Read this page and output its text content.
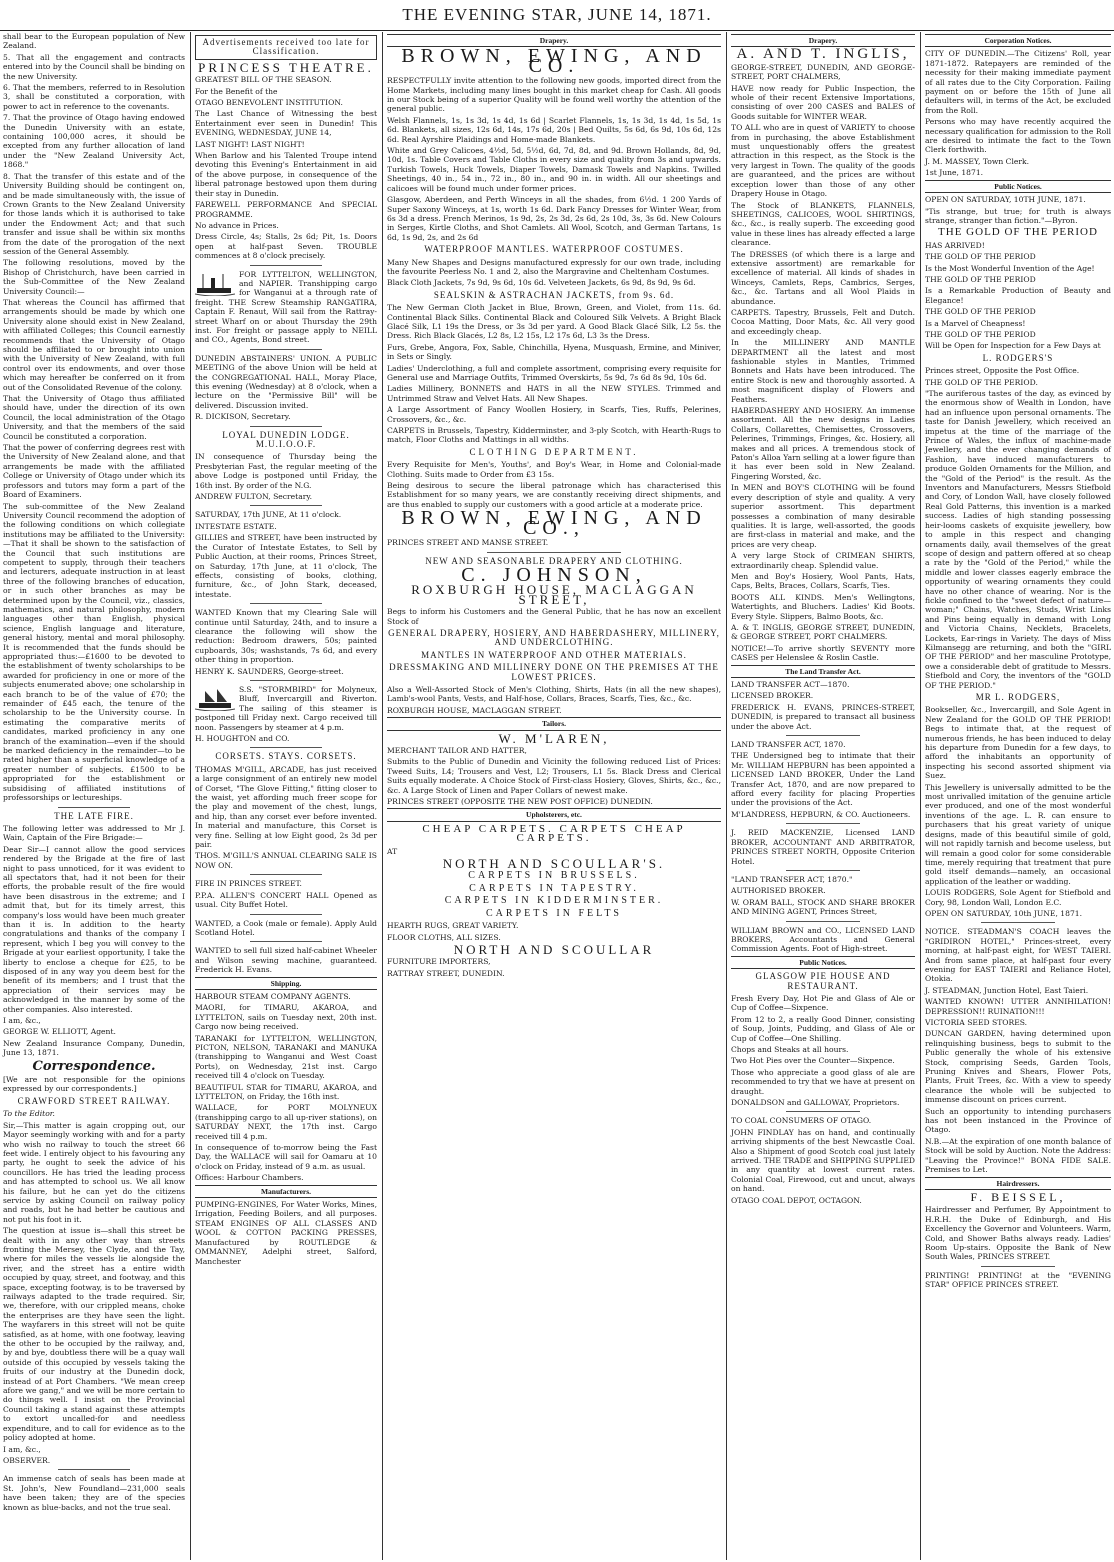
THE EVENING STAR, JUNE 14, 1871.

shall bear to the European population of New Zealand.

5. That all the engagement and contracts entered into by the Council shall be binding on the new University.

6. That the members, referred to in Resolution 3, shall be constituted a corporation, with power to act in reference to the covenants.

7. That the province of Otago having endowed the Dunedin University with an estate, containing 100,000 acres, it should be excepted from any further allocation of land under the "New Zealand University Act, 1868."

8. That the transfer of this estate and of the University Building should be contingent on, and be made simultaneously with, the issue of Crown Grants to the New Zealand University for those lands which it is authorised to take under the Endowment Act; and that such transfer and issue shall be within six months from the date of the prorogation of the next session of the General Assembly.

The following resolutions, moved by the Bishop of Christchurch, have been carried in the Sub-Committee of the New Zealand University Council:—

That whereas the Council has affirmed that arrangements should be made by which one University alone should exist in New Zealand, with affiliated Colleges; this Council earnestly recommends that the University of Otago should be affiliated to or brought into union with the University of New Zealand, with full control over its endowments, and over those which may hereafter be conferred on it from out of the Consolidated Revenue of the colony.

That the University of Otago thus affiliated should have, under the direction of its own Council, the local administration of the Otago University, and that the members of the said Council be constituted a corporation.

That the power of conferring degrees rest with the University of New Zealand alone, and that arrangements be made with the affiliated College or University of Otago under which its professors and tutors may form a part of the Board of Examiners.

The sub-committee of the New Zealand University Council recommend the adoption of the following conditions on which collegiate institutions may be affiliated to the University:—That it shall be shown to the satisfaction of the Council that such institutions are competent to supply, through their teachers and lecturers, adequate instruction in at least three of the following branches of education, or in such other branches as may be determined upon by the Council, viz., classics, mathematics, and natural philosophy, modern languages other than English, physical science, English language and literature, general history, mental and moral philosophy. It is recommended that the funds should be appropriated thus:—£1600 to be devoted to the establishment of twenty scholarships to be awarded for proficiency in one or more of the subjects enumerated above; one scholarship in each branch to be of the value of £70; the remainder of £45 each, the tenure of the scholarship to be the University course. In estimating the comparative merits of candidates, marked proficiency in any one branch of the examination—even if the should be marked deficiency in the remainder—to be rated higher than a superficial knowledge of a greater number of subjects. £1500 to be appropriated for the establishment or subsidising of affiliated institutions of professorships or lectureships.

THE LATE FIRE.

The following letter was addressed to Mr J. Wain, Captain of the Fire Brigade:—

Dear Sir—I cannot allow the good services rendered by the Brigade at the fire of last night to pass unnoticed, for it was evident to all spectators that, had it not been for their efforts, the probable result of the fire would have been disastrous in the extreme; and I admit that, but for its timely arrest, this company's loss would have been much greater than it is. In addition to the hearty congratulations and thanks of the company I represent, which I beg you will convey to the Brigade at your earliest opportunity, I take the liberty to enclose a cheque for £25, to be disposed of in any way you deem best for the benefit of its members; and I trust that the appreciation of their services may be acknowledged in the manner by some of the other companies. Also interested.

I am, &c.,

GEORGE W. ELLIOTT, Agent.

New Zealand Insurance Company, Dunedin, June 13, 1871.

Correspondence.

[We are not responsible for the opinions expressed by our correspondents.]

CRAWFORD STREET RAILWAY.

To the Editor.

Sir,—This matter is again cropping out, our Mayor seemingly working with and for a party who wish no railway to touch the street 66 feet wide. I entirely object to his favouring any party, he ought to seek the advice of his councillors. He has tried the leading process and has attempted to school us. We all know his failure, but he can yet do the citizens service by asking Council on railway policy and roads, but he had better be cautious and not put his foot in it.

The question at issue is—shall this street be dealt with in any other way than streets fronting the Mersey, the Clyde, and the Tay, where for miles the vessels lie alongside the river, and the street has a entire width occupied by quay, street, and footway, and this space, excepting footway, is to be traversed by railways adapted to the trade required. Sir, we, therefore, with our crippled means, choke the enterprises are they have seen the light. The wayfarers in this street will not be quite satisfied, as at home, with one footway, leaving the other to be occupied by the railway, and, by and bye, doubtless there will be a quay wall outside of this occupied by vessels taking the fruits of our industry at the Dunedin dock, instead of at Port Chambers. "We mean creep afore we gang," and we will be more certain to do things well. I insist on the Provincial Council taking a stand against these attempts to extort uncalled-for and needless expenditure, and to call for evidence as to the policy adopted at home.

I am, &c.,

OBSERVER.

An immense catch of seals has been made at St. John's, New Foundland—231,000 seals have been taken; they are of the species known as blue-backs, and not the true seal.

Advertisements received too late for Classification.
PRINCESS THEATRE.

GREATEST BILL OF THE SEASON.

For the Benefit of the

OTAGO BENEVOLENT INSTITUTION.

The Last Chance of Witnessing the best Entertainment ever seen in Dunedin! This EVENING, WEDNESDAY, JUNE 14,

LAST NIGHT! LAST NIGHT!

When Barlow and his Talented Troupe intend devoting this Evening's Entertainment in aid of the above purpose, in consequence of the liberal patronage bestowed upon them during their stay in Dunedin.

FAREWELL PERFORMANCE And SPECIAL PROGRAMME.

No advance in Prices.

Dress Circle, 4s; Stalls, 2s 6d; Pit, 1s. Doors open at half-past Seven. TROUBLE commences at 8 o'clock precisely.

FOR LYTTELTON, WELLINGTON, and NAPIER. Transhipping cargo for Wanganui at a through rate of freight. THE Screw Steamship RANGATIRA, Captain F. Renaut, Will sail from the Rattray-street Wharf on or about Thursday the 29th inst. For freight or passage apply to NEILL and CO., Agents, Bond street.

DUNEDIN ABSTAINERS' UNION. A PUBLIC MEETING of the above Union will be held at the CONGREGATIONAL HALL, Moray Place, this evening (Wednesday) at 8 o'clock, when a lecture on the "Permissive Bill" will be delivered. Discussion invited.

R. DICKISON, Secretary.

LOYAL DUNEDIN LODGE. M.U.I.O.O.F.

IN consequence of Thursday being the Presbyterian Fast, the regular meeting of the above Lodge is postponed until Friday, the 16th inst. By order of the N.G.

ANDREW FULTON, Secretary.

SATURDAY, 17th JUNE, At 11 o'clock.

INTESTATE ESTATE.

GILLIES and STREET, have been instructed by the Curator of Intestate Estates, to Sell by Public Auction, at their rooms, Princes Street, on Saturday, 17th June, at 11 o'clock, The effects, consisting of books, clothing, furniture, &c., of John Stark, deceased, intestate.

WANTED Known that my Clearing Sale will continue until Saturday, 24th, and to insure a clearance the following will show the reduction: Bedroom drawers, 50s; painted cupboards, 30s; washstands, 7s 6d, and every other thing in proportion.

HENRY K. SAUNDERS, George-street.

S.S. "STORMBIRD" for Molyneux, Bluff, Invercargill and Riverton. The sailing of this steamer is postponed till Friday next. Cargo received till noon. Passengers by steamer at 4 p.m.

H. HOUGHTON and CO.

CORSETS. STAYS. CORSETS.

THOMAS M'GILL, ARCADE, has just received a large consignment of an entirely new model of Corset, "The Glove Fitting," fitting closer to the waist, yet affording much freer scope for the play and movement of the chest, lungs, and hip, than any corset ever before invented. In material and manufacture, this Corset is very fine. Selling at low Eight good, 2s 3d per pair.

THOS. M'GILL'S ANNUAL CLEARING SALE IS NOW ON.

FIRE IN PRINCES STREET.

P.P.A. ALLEN'S CONCERT HALL Opened as usual. City Buffet Hotel.

WANTED, a Cook (male or female). Apply Auld Scotland Hotel.

WANTED to sell full sized half-cabinet Wheeler and Wilson sewing machine, guaranteed. Frederick H. Evans.

Shipping.

HARBOUR STEAM COMPANY AGENTS.

MAORI, for TIMARU, AKAROA, and LYTTELTON, sails on Tuesday next, 20th inst. Cargo now being received.

TARANAKI for LYTTELTON, WELLINGTON, PICTON, NELSON, TARANAKI and MANUKA (transhipping to Wanganui and West Coast Ports), on Wednesday, 21st inst. Cargo received till 4 o'clock on Tuesday.

BEAUTIFUL STAR for TIMARU, AKAROA, and LYTTELTON, on Friday, the 16th inst.

WALLACE, for PORT MOLYNEUX (transhipping cargo to all up-river stations), on SATURDAY NEXT, the 17th inst. Cargo received till 4 p.m.

In consequence of to-morrow being the Fast Day, the WALLACE will sail for Oamaru at 10 o'clock on Friday, instead of 9 a.m. as usual.

Offices: Harbour Chambers.

Manufacturers.

PUMPING-ENGINES, For Water Works, Mines, Irrigation, Feeding Boilers, and all purposes. STEAM ENGINES OF ALL CLASSES AND WOOL & COTTON PACKING PRESSES, Manufactured by ROUTLEDGE & OMMANNEY, Adelphi street, Salford, Manchester

Drapery.
BROWN, EWING, AND CO.

RESPECTFULLY invite attention to the following new goods, imported direct from the Home Markets, including many lines bought in this market cheap for Cash. All goods in our Stock being of a superior Quality will be found well worthy the attention of the general public.

Welsh Flannels, 1s, 1s 3d, 1s 4d, 1s 6d | Scarlet Flannels, 1s, 1s 3d, 1s 4d, 1s 5d, 1s 6d. Blankets, all sizes, 12s 6d, 14s, 17s 6d, 20s | Bed Quilts, 5s 6d, 6s 9d, 10s 6d, 12s 6d. Real Ayrshire Plaidings and Home-made Blankets.

White and Grey Calicoes, 4½d, 5d, 5½d, 6d, 7d, 8d, and 9d. Brown Hollands, 8d, 9d, 10d, 1s. Table Covers and Table Cloths in every size and quality from 3s and upwards. Turkish Towels, Huck Towels, Diaper Towels, Damask Towels and Napkins. Twilled Sheetings, 40 in., 54 in., 72 in., 80 in., and 90 in. in width. All our sheetings and calicoes will be found much under former prices.

Glasgow, Aberdeen, and Perth Winceys in all the shades, from 6½d. 1 200 Yards of Super Saxony Winceys, at 1s, worth 1s 6d. Dark Fancy Dresses for Winter Wear, from 6s 3d a dress. French Merinos, 1s 9d, 2s, 2s 3d, 2s 6d, 2s 10d, 3s, 3s 6d. New Colours in Serges, Kirtle Cloths, and Shot Camlets. All Wool, Scotch, and German Tartans, 1s 6d, 1s 9d, 2s, and 2s 6d

WATERPROOF MANTLES. WATERPROOF COSTUMES.

Many New Shapes and Designs manufactured expressly for our own trade, including the favourite Peerless No. 1 and 2, also the Margravine and Cheltenham Costumes.

Black Cloth Jackets, 7s 9d, 9s 6d, 10s 6d. Velveteen Jackets, 6s 9d, 8s 9d, 9s 6d.

SEALSKIN & ASTRACHAN JACKETS, from 9s. 6d.

The New German Cloth Jacket in Blue, Brown, Green, and Violet, from 11s. 6d. Continental Black Silks. Continental Black and Coloured Silk Velvets. A Bright Black Glacé Silk, L1 19s the Dress, or 3s 3d per yard. A Good Black Glacé Silk, L2 5s. the Dress. Rich Black Glacés, L2 8s, L2 15s, L2 17s 6d, L3 3s the Dress.

Furs, Grebe, Angora, Fox, Sable, Chinchilla, Hyena, Musquash, Ermine, and Miniver, in Sets or Singly.

Ladies' Underclothing, a full and complete assortment, comprising every requisite for General use and Marriage Outfits, Trimmed Overskirts, 5s 9d, 7s 6d 8s 9d, 10s 6d.

Ladies Millinery, BONNETS and HATS in all the NEW STYLES. Trimmed and Untrimmed Straw and Velvet Hats. All New Shapes.

A Large Assortment of Fancy Woollen Hosiery, in Scarfs, Ties, Ruffs, Pelerines, Crossovers, &c., &c.

CARPETS in Brussels, Tapestry, Kidderminster, and 3-ply Scotch, with Hearth-Rugs to match, Floor Cloths and Mattings in all widths.

CLOTHING DEPARTMENT.

Every Requisite for Men's, Youths', and Boy's Wear, in Home and Colonial-made Clothing. Suits made to Order from £3 15s.

Being desirous to secure the liberal patronage which has characterised this Establishment for so many years, we are constantly receiving direct shipments, and are thus enabled to supply our customers with a good article at a moderate price.

BROWN, EWING, AND CO.,

PRINCES STREET AND MANSE STREET.

NEW AND SEASONABLE DRAPERY AND CLOTHING.
C. JOHNSON,
ROXBURGH HOUSE, MACLAGGAN STREET,

Begs to inform his Customers and the General Public, that he has now an excellent Stock of

GENERAL DRAPERY, HOSIERY, AND HABERDASHERY, MILLINERY, AND UNDERCLOTHING.
MANTLES IN WATERPROOF AND OTHER MATERIALS.
DRESSMAKING AND MILLINERY DONE ON THE PREMISES AT THE LOWEST PRICES.

Also a Well-Assorted Stock of Men's Clothing, Shirts, Hats (in all the new shapes), Lamb's-wool Pants, Vests, and Half-hose, Collars, Braces, Scarfs, Ties, &c., &c.

ROXBURGH HOUSE, MACLAGGAN STREET.

Tailors.
W. M'LAREN,

MERCHANT TAILOR AND HATTER,

Submits to the Public of Dunedin and Vicinity the following reduced List of Prices: Tweed Suits, L4; Trousers and Vest, L2; Trousers, L1 5s. Black Dress and Clerical Suits equally moderate. A Choice Stock of First-class Hosiery, Gloves, Shirts, &c., &c., &c. A Large Stock of Linen and Paper Collars of newest make.

PRINCES STREET (OPPOSITE THE NEW POST OFFICE) DUNEDIN.

Upholsterers, etc.
CHEAP CARPETS. CARPETS CHEAP CARPETS.

AT

NORTH AND SCOULLAR'S.
CARPETS IN BRUSSELS.
CARPETS IN TAPESTRY.
CARPETS IN KIDDERMINSTER.
CARPETS IN FELTS

HEARTH RUGS, GREAT VARIETY.

FLOOR CLOTHS, ALL SIZES.

NORTH AND SCOULLAR

FURNITURE IMPORTERS,

RATTRAY STREET, DUNEDIN.

Drapery.
A. AND T. INGLIS,

GEORGE-STREET, DUNEDIN, AND GEORGE-STREET, PORT CHALMERS,

HAVE now ready for Public Inspection, the whole of their recent Extensive Importations, consisting of over 200 CASES and BALES of Goods suitable for WINTER WEAR.

TO ALL who are in quest of VARIETY to choose from in purchasing, the above Establishment must unquestionably offers the greatest attraction in this respect, as the Stock is the very largest in Town. The quality of the goods are guaranteed, and the prices are without exception lower than those of any other Drapery House in Otago.

The Stock of BLANKETS, FLANNELS, SHEETINGS, CALICOES, WOOL SHIRTINGS, &c., &c., is really superb. The exceeding good value in these lines has already effected a large clearance.

The DRESSES (of which there is a large and extensive assortment) are remarkable for excellence of material. All kinds of shades in Winceys, Camlets, Reps, Cambrics, Serges, &c., &c. Tartans and all Wool Plaids in abundance.

CARPETS. Tapestry, Brussels, Felt and Dutch. Cocoa Matting, Door Mats, &c. All very good and exceedingly cheap.

In the MILLINERY AND MANTLE DEPARTMENT all the latest and most fashionable styles in Mantles, Trimmed Bonnets and Hats have been introduced. The entire Stock is new and thoroughly assorted. A most magnificent display of Flowers and Feathers.

HABERDASHERY AND HOSIERY. An immense assortment. All the new designs in Ladies Collars, Collarettes, Chemisettes, Crossovers, Pelerines, Trimmings, Fringes, &c. Hosiery, all makes and all prices. A tremendous stock of Paton's Alloa Yarn selling at a lower figure than it has ever been sold in New Zealand. Fingering Worsted, &c.

In MEN and BOY'S CLOTHING will be found every description of style and quality. A very superior assortment. This department possesses a combination of many desirable qualities. It is large, well-assorted, the goods are first-class in material and make, and the prices are very cheap.

A very large Stock of CRIMEAN SHIRTS, extraordinarily cheap. Splendid value.

Men and Boy's Hosiery, Wool Pants, Hats, Caps, Belts, Braces, Collars, Scarfs, Ties.

BOOTS ALL KINDS. Men's Wellingtons, Watertights, and Bluchers. Ladies' Kid Boots. Every Style. Slippers, Balmo Boots, &c.

A. & T. INGLIS, GEORGE STREET, DUNEDIN, & GEORGE STREET, PORT CHALMERS.

NOTICE!—To arrive shortly SEVENTY more CASES per Helenslee & Roslin Castle.

The Land Transfer Act.

LAND TRANSFER ACT—1870.

LICENSED BROKER.

FREDERICK H. EVANS, PRINCES-STREET, DUNEDIN, is prepared to transact all business under the above Act.

LAND TRANSFER ACT, 1870.

THE Undersigned beg to intimate that their Mr. WILLIAM HEPBURN has been appointed a LICENSED LAND BROKER, Under the Land Transfer Act, 1870, and are now prepared to afford every facility for placing Properties under the provisions of the Act.

M'LANDRESS, HEPBURN, & CO. Auctioneers.

J. REID MACKENZIE, Licensed LAND BROKER, ACCOUNTANT AND ARBITRATOR, PRINCES STREET NORTH, Opposite Criterion Hotel.

"LAND TRANSFER ACT, 1870."

AUTHORISED BROKER.

W. ORAM BALL, STOCK AND SHARE BROKER AND MINING AGENT, Princes Street,

WILLIAM BROWN and CO., LICENSED LAND BROKERS, Accountants and General Commission Agents. Foot of High-street.

Public Notices.
GLASGOW PIE HOUSE AND RESTAURANT.

Fresh Every Day, Hot Pie and Glass of Ale or Cup of Coffee—Sixpence.

From 12 to 2, a really Good Dinner, consisting of Soup, Joints, Pudding, and Glass of Ale or Cup of Coffee—One Shilling.

Chops and Steaks at all hours.

Two Hot Pies over the Counter—Sixpence.

Those who appreciate a good glass of ale are recommended to try that we have at present on draught.

DONALDSON and GALLOWAY, Proprietors.

TO COAL CONSUMERS OF OTAGO.

JOHN FINDLAY has on hand, and continually arriving shipments of the best Newcastle Coal. Also a Shipment of good Scotch coal just lately arrived. THE TRADE and SHIPPING SUPPLIED in any quantity at lowest current rates. Colonial Coal, Firewood, cut and uncut, always on hand.

OTAGO COAL DEPOT, OCTAGON.

Corporation Notices.

CITY OF DUNEDIN.—The Citizens' Roll, year 1871-1872. Ratepayers are reminded of the necessity for their making immediate payment of all rates due to the City Corporation. Failing payment on or before the 15th of June all defaulters will, in terms of the Act, be excluded from the Roll.

Persons who may have recently acquired the necessary qualification for admission to the Roll are desired to intimate the fact to the Town Clerk forthwith.

J. M. MASSEY, Town Clerk.

1st June, 1871.

Public Notices.

OPEN ON SATURDAY, 10TH JUNE, 1871.

"Tis strange, but true; for truth is always strange, stranger than fiction."—Byron.

THE GOLD OF THE PERIOD

HAS ARRIVED!

THE GOLD OF THE PERIOD

Is the Most Wonderful Invention of the Age!

THE GOLD OF THE PERIOD

Is a Remarkable Production of Beauty and Elegance!

THE GOLD OF THE PERIOD

Is a Marvel of Cheapness!

THE GOLD OF THE PERIOD

Will be Open for Inspection for a Few Days at

L. RODGERS'S

Princes street, Opposite the Post Office.

THE GOLD OF THE PERIOD.

"The auriferous tastes of the day, as evinced by the enormous show of Wealth in London, have had an influence upon personal ornaments. The taste for Danish Jewellery, which received an impetus at the time of the marriage of the Prince of Wales, the influx of machine-made Jewellery, and the ever changing demands of Fashion, have induced manufacturers to produce Golden Ornaments for the Million, and the "Gold of the Period" is the result. As the Inventors and Manufacturers, Messrs Stiefbold and Cory, of London Wall, have closely followed Real Gold Patterns, this invention is a marked success. Ladies of high standing possessing heir-looms caskets of exquisite jewellery, bow to ample in this respect and changing ornaments daily, avail themselves of the great scope of design and pattern offered at so cheap a rate by the "Gold of the Period," while the middle and lower classes eagerly embrace the opportunity of wearing ornaments they could have no other chance of wearing. Nor is the fickle confined to the "sweet defect of nature—woman;" Chains, Watches, Studs, Wrist Links and Pins being equally in demand with Long and Victoria Chains, Necklets, Bracelets, Lockets, Ear-rings in Variety. The days of Miss Kilmansegg are returning, and both the "GIRL OF THE PERIOD" and her masculine Prototype, owe a considerable debt of gratitude to Messrs. Stiefbold and Cory, the inventors of the "GOLD OF THE PERIOD."

MR L. RODGERS,

Bookseller, &c., Invercargill, and Sole Agent in New Zealand for the GOLD OF THE PERIOD! Begs to intimate that, at the request of numerous friends, he has been induced to delay his departure from Dunedin for a few days, to afford the inhabitants an opportunity of inspecting his second assorted shipment via Suez.

This Jewellery is universally admitted to be the most unrivalled imitation of the genuine article ever produced, and one of the most wonderful inventions of the age. L. R. can ensure to purchasers that his great variety of unique designs, made of this beautiful simile of gold, will not rapidly tarnish and become useless, but will remain a good color for some considerable time, merely requiring that treatment that pure gold itself demands—namely, an occasional application of the leather or wadding.

LOUIS RODGERS, Sole Agent for Stiefbold and Cory, 98, London Wall, London E.C.

OPEN ON SATURDAY, 10th JUNE, 1871.

NOTICE. STEADMAN'S COACH leaves the "GRIDIRON HOTEL," Princes-street, every morning, at half-past eight, for WEST TAIERI. And from same place, at half-past four every evening for EAST TAIERI and Reliance Hotel, Otokia.

J. STEADMAN, Junction Hotel, East Taieri.

WANTED KNOWN! UTTER ANNIHILATION! DEPRESSION!! RUINATION!!!

VICTORIA SEED STORES.

DUNCAN GARDEN, having determined upon relinquishing business, begs to submit to the Public generally the whole of his extensive Stock, comprising Seeds, Garden Tools, Pruning Knives and Shears, Flower Pots, Plants, Fruit Trees, &c. With a view to speedy clearance the whole will be subjected to immense discount on prices current.

Such an opportunity to intending purchasers has not been instanced in the Province of Otago.

N.B.—At the expiration of one month balance of Stock will be sold by Auction. Note the Address: "Leaving the Province!" BONA FIDE SALE. Premises to Let.

Hairdressers.
F. BEISSEL,

Hairdresser and Perfumer, By Appointment to H.R.H. the Duke of Edinburgh, and His Excellency the Governor and Volunteers. Warm, Cold, and Shower Baths always ready. Ladies' Room Up-stairs. Opposite the Bank of New South Wales, PRINCES STREET.

PRINTING! PRINTING! at the "EVENING STAR" OFFICE PRINCES STREET.
